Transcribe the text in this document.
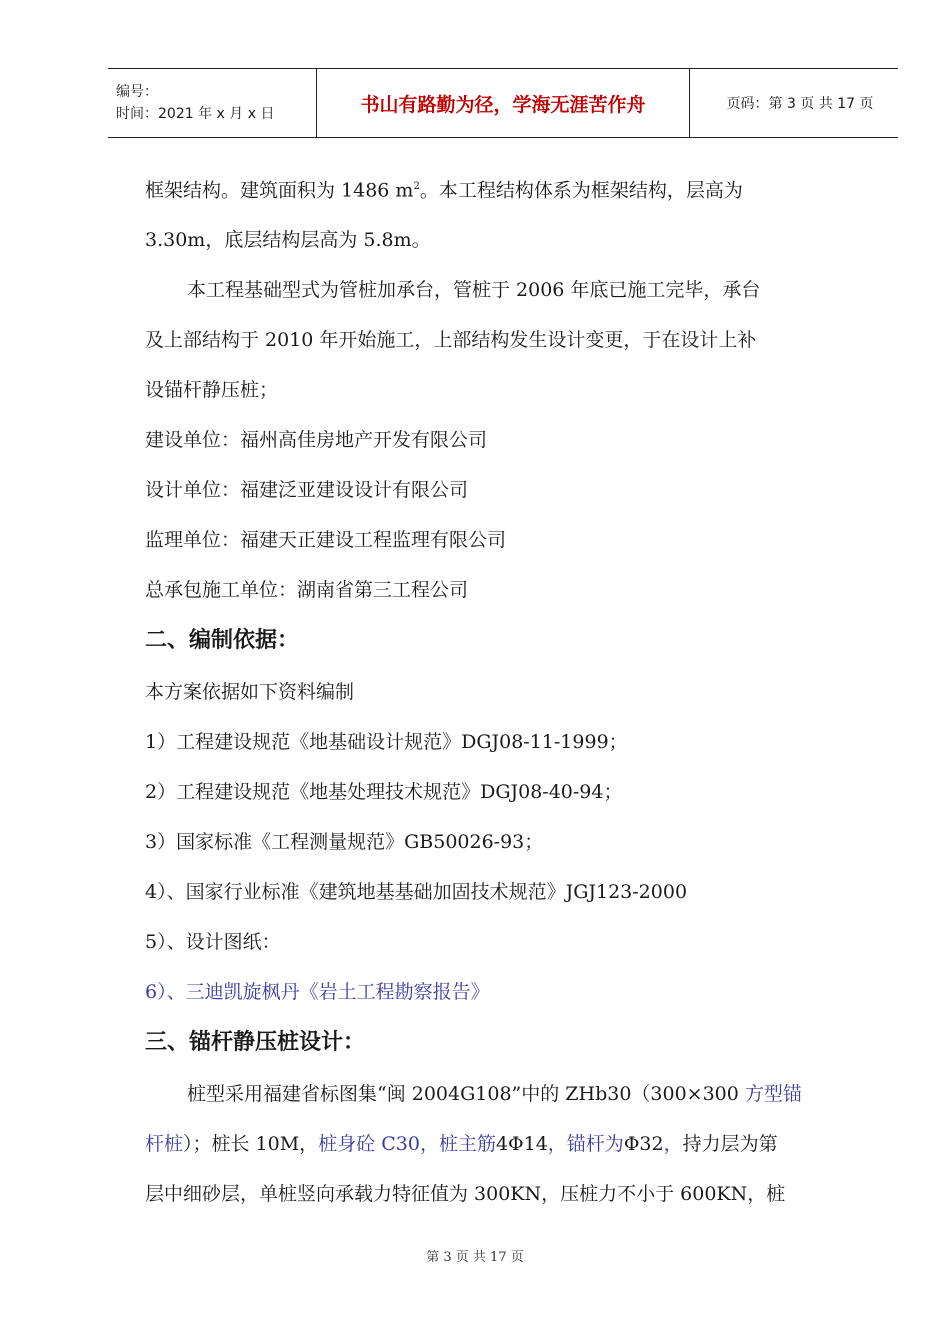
编号：
时间：2021 年 x 月 x 日	书山有路勤为径，学海无涯苦作舟	页码：第 3 页 共 17 页

框架结构。建筑面积为 1486 $m^2$。本工程结构体系为框架结构，层高为

3.30m，底层结构层高为 5.8m。

本工程基础型式为管桩加承台，管桩于 2006 年底已施工完毕，承台

及上部结构于 2010 年开始施工，上部结构发生设计变更，于在设计上补

设锚杆静压桩；

建设单位：福州高佳房地产开发有限公司

设计单位：福建泛亚建设设计有限公司

监理单位：福建天正建设工程监理有限公司

总承包施工单位：湖南省第三工程公司

二、编制依据：

本方案依据如下资料编制

1）工程建设规范《地基础设计规范》DGJ08-11-1999；

2）工程建设规范《地基处理技术规范》DGJ08-40-94；

3）国家标准《工程测量规范》GB50026-93；

4）、国家行业标准《建筑地基基础加固技术规范》JGJ123-2000

5）、设计图纸：

6）、三迪凯旋枫丹《岩土工程勘察报告》

三、锚杆静压桩设计：

桩型采用福建省标图集“闽 2004G108”中的 ZHb30（300×300 方型锚

杆桩）；桩长 10M，桩身砼 C30，桩主筋4Φ14，锚杆为Φ32，持力层为第

层中细砂层，单桩竖向承载力特征值为 300KN，压桩力不小于 600KN，桩

第 3 页 共 17 页
